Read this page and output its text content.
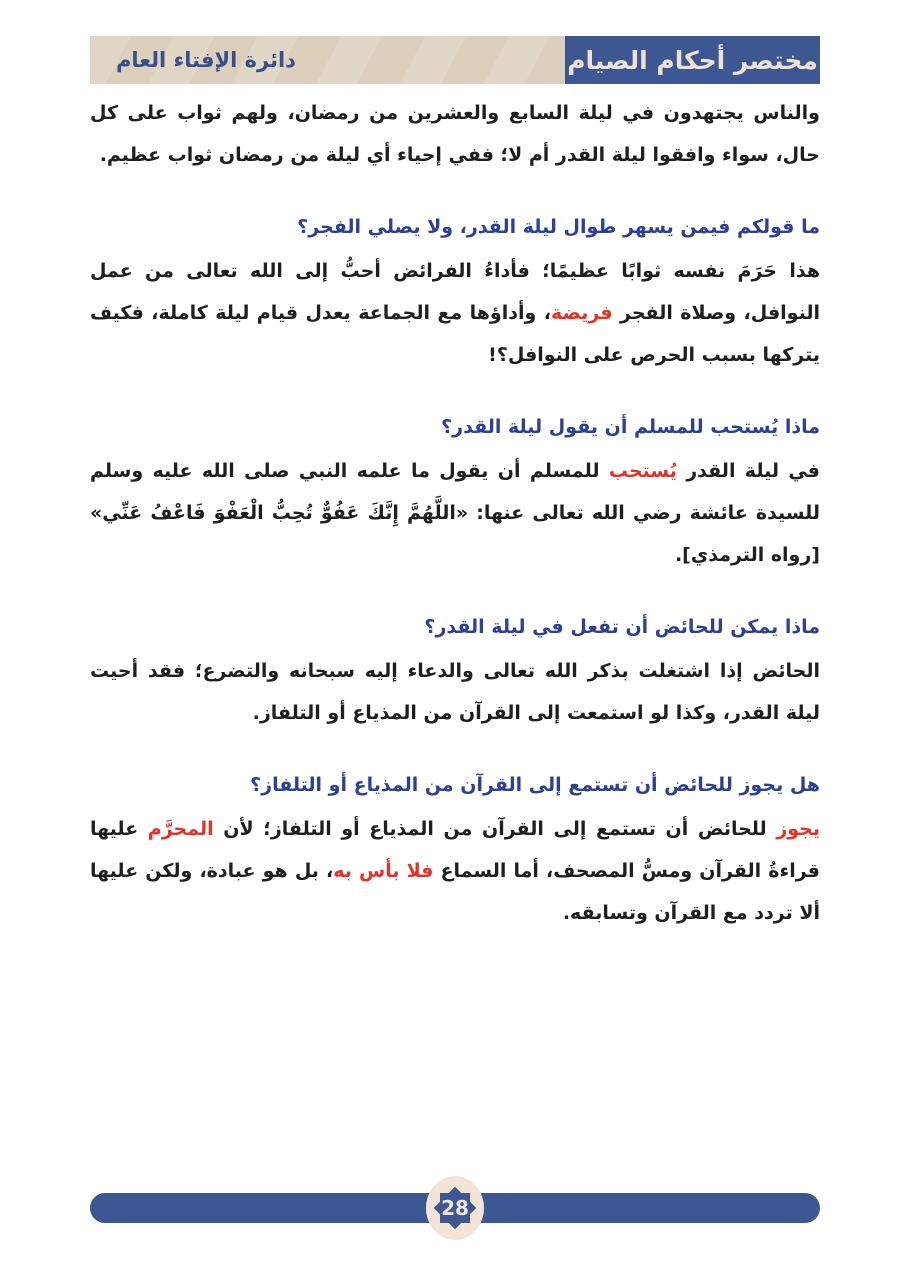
دائرة الإفتاء العام	مختصر أحكام الصيام

والناس يجتهدون في ليلة السابع والعشرين من رمضان، ولهم ثواب على كل حال، سواء وافقوا ليلة القدر أم لا؛ ففي إحياء أي ليلة من رمضان ثواب عظيم.

ما قولكم فيمن يسهر طوال ليلة القدر، ولا يصلي الفجر؟

هذا حَرَمَ نفسه ثوابًا عظيمًا؛ فأداءُ الفرائض أحبُّ إلى الله تعالى من عمل النوافل، وصلاة الفجر فريضة، وأداؤها مع الجماعة يعدل قيام ليلة كاملة، فكيف يتركها بسبب الحرص على النوافل؟!

ماذا يُستحب للمسلم أن يقول ليلة القدر؟

في ليلة القدر يُستحب للمسلم أن يقول ما علمه النبي صلى الله عليه وسلم للسيدة عائشة رضي الله تعالى عنها: «اللَّهُمَّ إِنَّكَ عَفُوٌّ تُحِبُّ الْعَفْوَ فَاعْفُ عَنِّي» [رواه الترمذي].

ماذا يمكن للحائض أن تفعل في ليلة القدر؟

الحائض إذا اشتغلت بذكر الله تعالى والدعاء إليه سبحانه والتضرع؛ فقد أحيت ليلة القدر، وكذا لو استمعت إلى القرآن من المذياع أو التلفاز.

هل يجوز للحائض أن تستمع إلى القرآن من المذياع أو التلفاز؟

يجوز للحائض أن تستمع إلى القرآن من المذياع أو التلفاز؛ لأن المحرَّم عليها قراءةُ القرآن ومسُّ المصحف، أما السماع فلا بأس به، بل هو عبادة، ولكن عليها ألا تردد مع القرآن وتسابقه.

28
